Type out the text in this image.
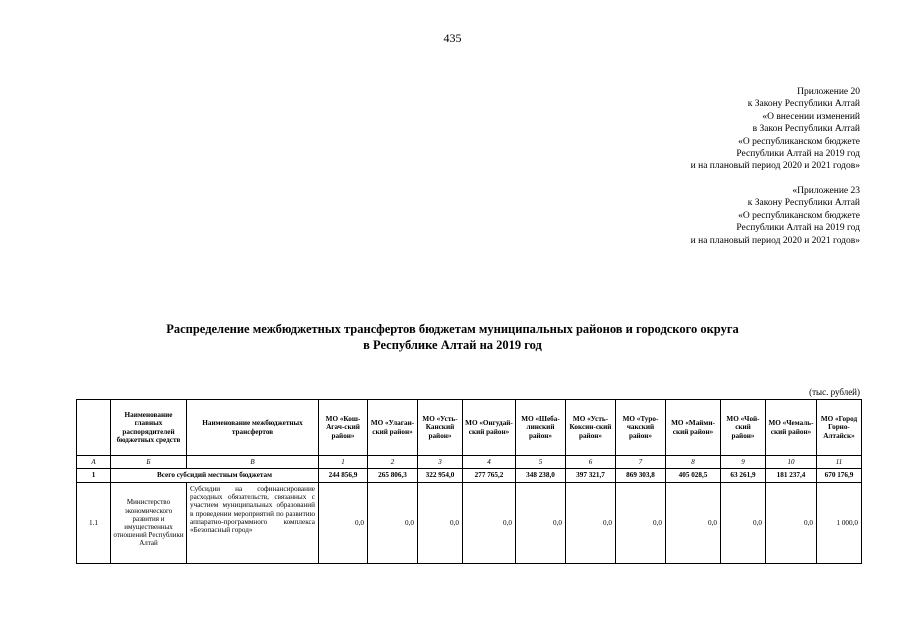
435
Приложение 20
к Закону Республики Алтай
«О внесении изменений
в Закон Республики Алтай
«О республиканском бюджете
Республики Алтай на 2019 год
и на плановый период 2020 и 2021 годов»
«Приложение 23
к Закону Республики Алтай
«О республиканском бюджете
Республики Алтай на 2019 год
и на плановый период 2020 и 2021 годов»
Распределение межбюджетных трансфертов бюджетам муниципальных районов и городского округа
в Республике Алтай на 2019 год
(тыс. рублей)
	Наименование главных распорядителей бюджетных средств	Наименование межбюджетных трансфертов	МО «Кош-Агач-ский район»	МО «Улаган-ский район»	МО «Усть-Канский район»	МО «Онгудай-ский район»	МО «Шеба-линский район»	МО «Усть-Коксин-ский район»	МО «Туро-чакский район»	МО «Майми-ский район»	МО «Чой-ский район»	МО «Чемаль-ский район»	МО «Город Горно-Алтайск»
А	Б	В	1	2	3	4	5	6	7	8	9	10	11
1	Всего субсидий местным бюджетам		244 856,9	265 806,3	322 954,0	277 765,2	348 238,0	397 321,7	869 303,8	405 028,5	63 261,9	181 237,4	670 176,9
1.1	Министерство экономического развития и имущественных отношений Республики Алтай	Субсидии на софинансирование расходных обязательств, связанных с участием муниципальных образований в проведении мероприятий по развитию аппаратно-программного комплекса «Безопасный город»	0,0	0,0	0,0	0,0	0,0	0,0	0,0	0,0	0,0	0,0	1 000,0
